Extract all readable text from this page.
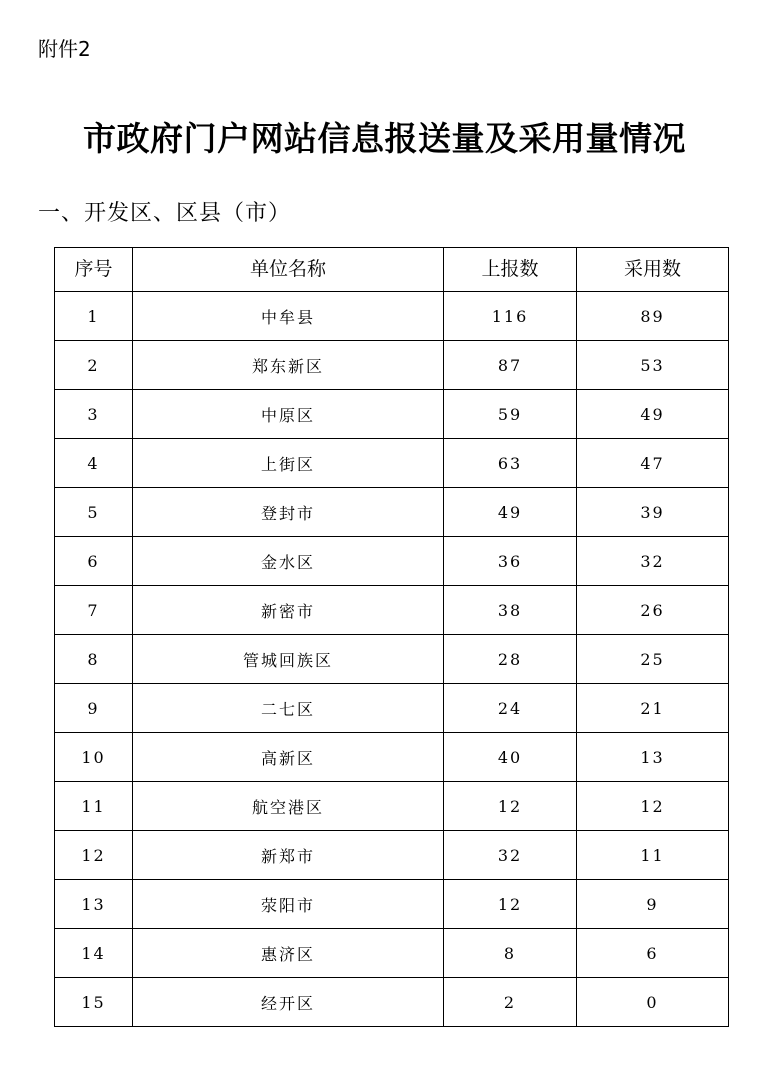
附件2
市政府门户网站信息报送量及采用量情况
一、开发区、区县（市）
序号	单位名称	上报数	采用数
1	中牟县	116	89
2	郑东新区	87	53
3	中原区	59	49
4	上街区	63	47
5	登封市	49	39
6	金水区	36	32
7	新密市	38	26
8	管城回族区	28	25
9	二七区	24	21
10	高新区	40	13
11	航空港区	12	12
12	新郑市	32	11
13	荥阳市	12	9
14	惠济区	8	6
15	经开区	2	0
